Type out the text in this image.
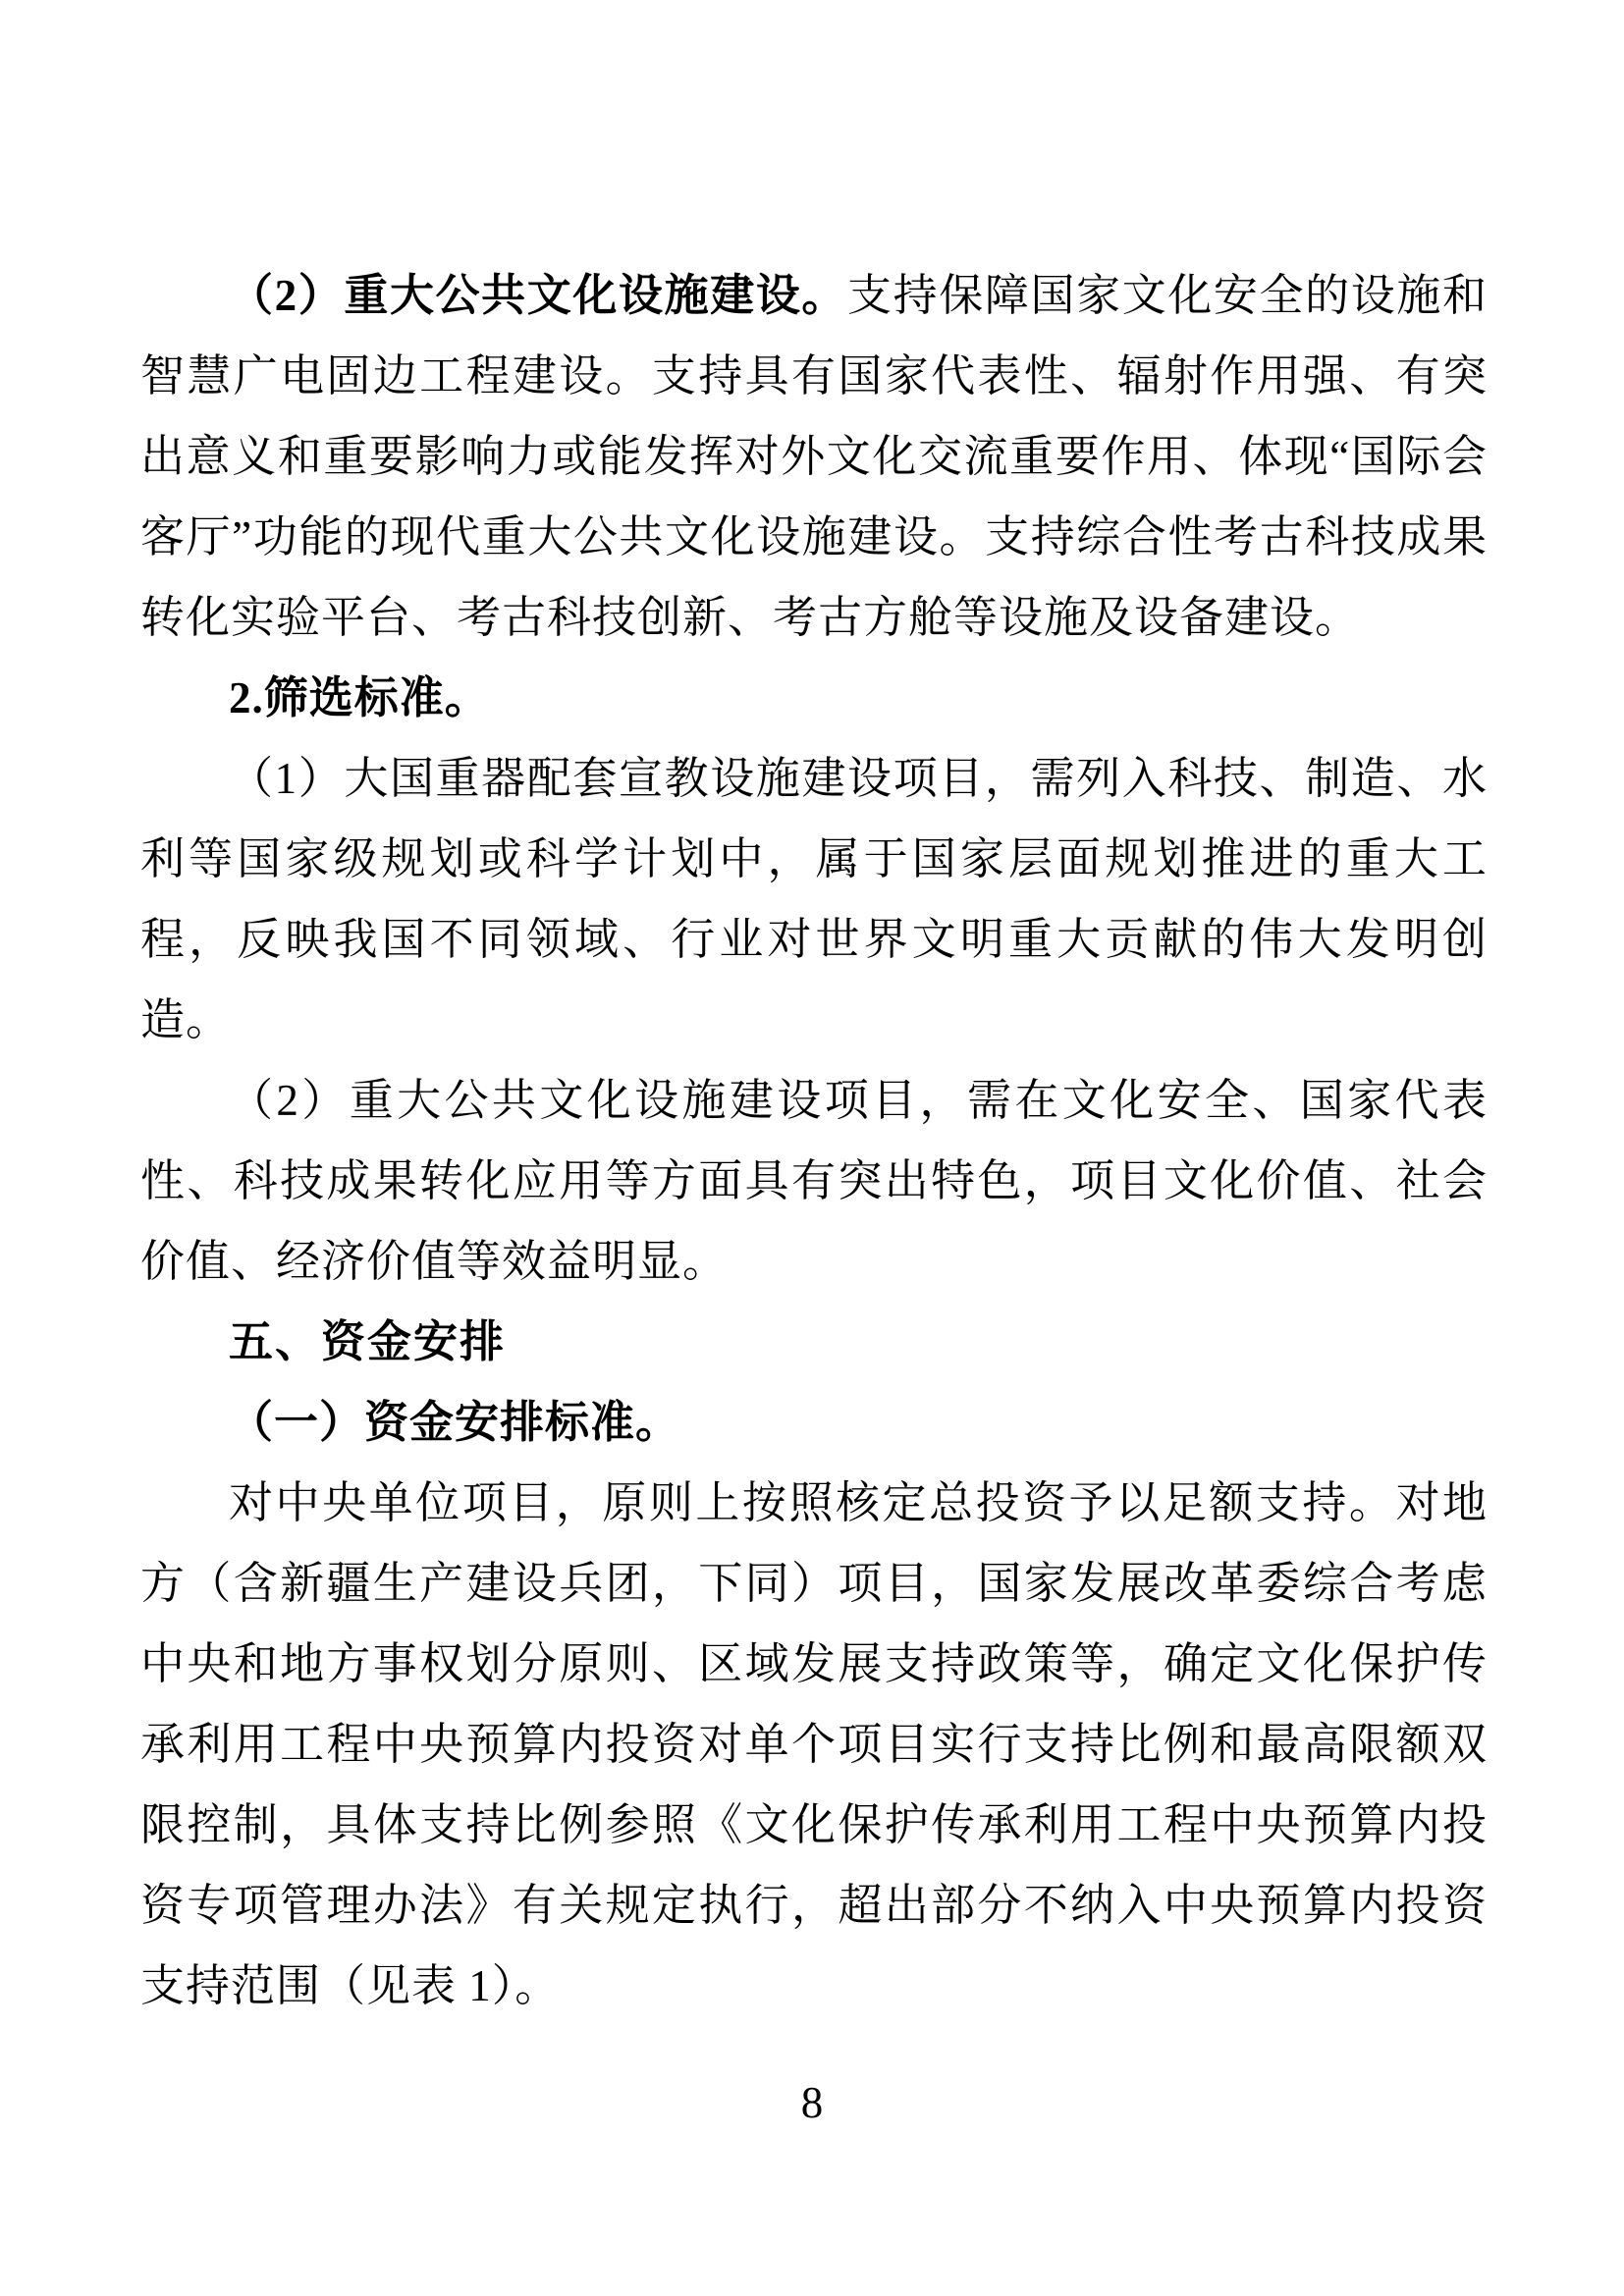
（2）重大公共文化设施建设。支持保障国家文化安全的设施和智慧广电固边工程建设。支持具有国家代表性、辐射作用强、有突出意义和重要影响力或能发挥对外文化交流重要作用、体现“国际会客厅”功能的现代重大公共文化设施建设。支持综合性考古科技成果转化实验平台、考古科技创新、考古方舱等设施及设备建设。

2.筛选标准。

（1）大国重器配套宣教设施建设项目，需列入科技、制造、水利等国家级规划或科学计划中，属于国家层面规划推进的重大工程，反映我国不同领域、行业对世界文明重大贡献的伟大发明创造。

（2）重大公共文化设施建设项目，需在文化安全、国家代表性、科技成果转化应用等方面具有突出特色，项目文化价值、社会价值、经济价值等效益明显。

五、资金安排

（一）资金安排标准。

对中央单位项目，原则上按照核定总投资予以足额支持。对地方（含新疆生产建设兵团，下同）项目，国家发展改革委综合考虑中央和地方事权划分原则、区域发展支持政策等，确定文化保护传承利用工程中央预算内投资对单个项目实行支持比例和最高限额双限控制，具体支持比例参照《文化保护传承利用工程中央预算内投资专项管理办法》有关规定执行，超出部分不纳入中央预算内投资支持范围（见表 1）。

8
